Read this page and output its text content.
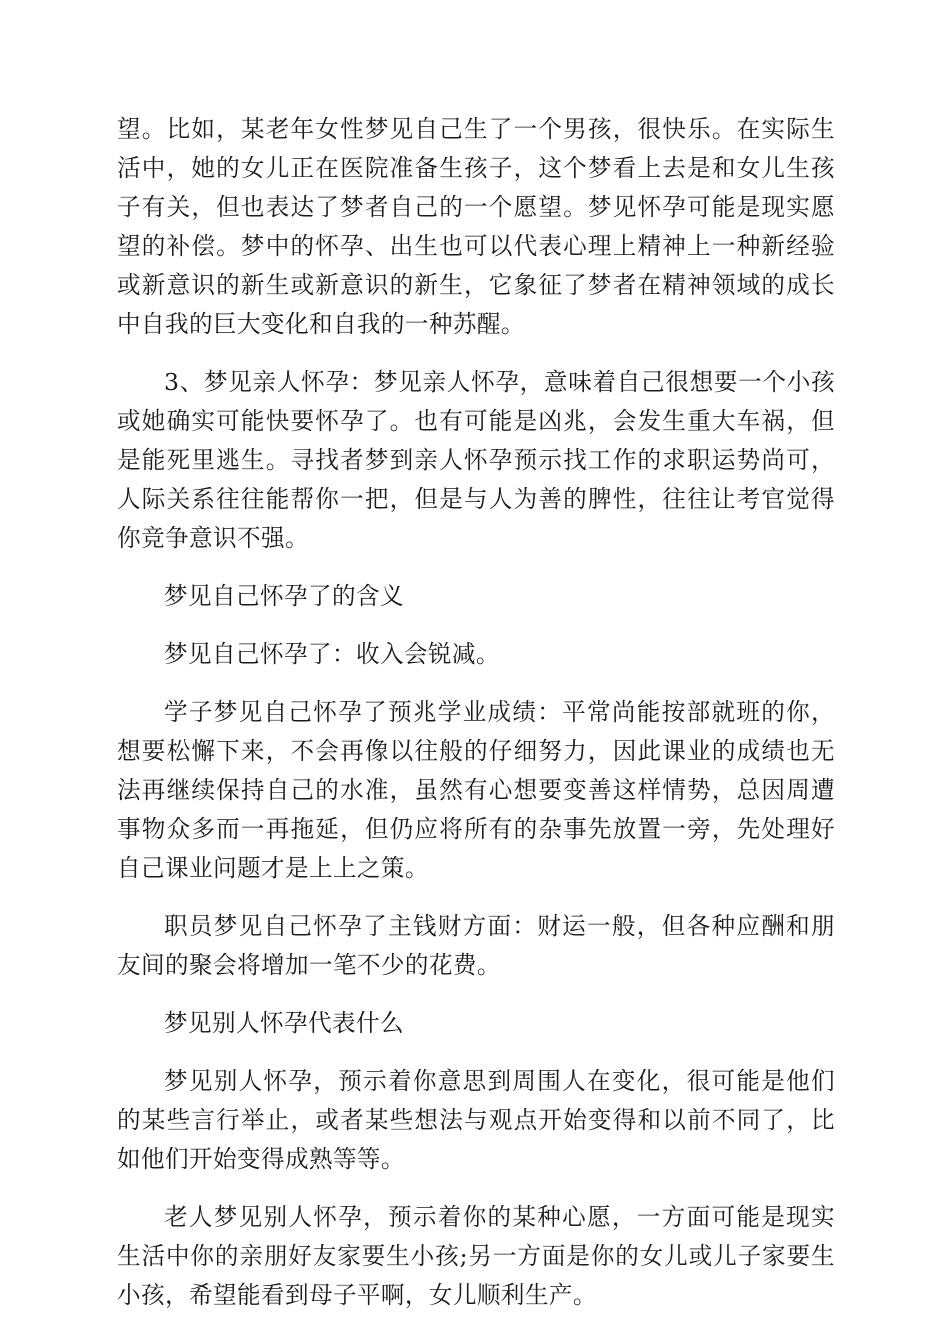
望。比如，某老年女性梦见自己生了一个男孩，很快乐。在实际生活中，她的女儿正在医院准备生孩子，这个梦看上去是和女儿生孩子有关，但也表达了梦者自己的一个愿望。梦见怀孕可能是现实愿望的补偿。梦中的怀孕、出生也可以代表心理上精神上一种新经验或新意识的新生或新意识的新生，它象征了梦者在精神领域的成长中自我的巨大变化和自我的一种苏醒。

3、梦见亲人怀孕：梦见亲人怀孕，意味着自己很想要一个小孩或她确实可能快要怀孕了。也有可能是凶兆，会发生重大车祸，但是能死里逃生。寻找者梦到亲人怀孕预示找工作的求职运势尚可，人际关系往往能帮你一把，但是与人为善的脾性，往往让考官觉得你竞争意识不强。

梦见自己怀孕了的含义

梦见自己怀孕了：收入会锐减。

学子梦见自己怀孕了预兆学业成绩：平常尚能按部就班的你，想要松懈下来，不会再像以往般的仔细努力，因此课业的成绩也无法再继续保持自己的水准，虽然有心想要变善这样情势，总因周遭事物众多而一再拖延，但仍应将所有的杂事先放置一旁，先处理好自己课业问题才是上上之策。

职员梦见自己怀孕了主钱财方面：财运一般，但各种应酬和朋友间的聚会将增加一笔不少的花费。

梦见别人怀孕代表什么

梦见别人怀孕，预示着你意思到周围人在变化，很可能是他们的某些言行举止，或者某些想法与观点开始变得和以前不同了，比如他们开始变得成熟等等。

老人梦见别人怀孕，预示着你的某种心愿，一方面可能是现实生活中你的亲朋好友家要生小孩;另一方面是你的女儿或儿子家要生小孩，希望能看到母子平啊，女儿顺利生产。
